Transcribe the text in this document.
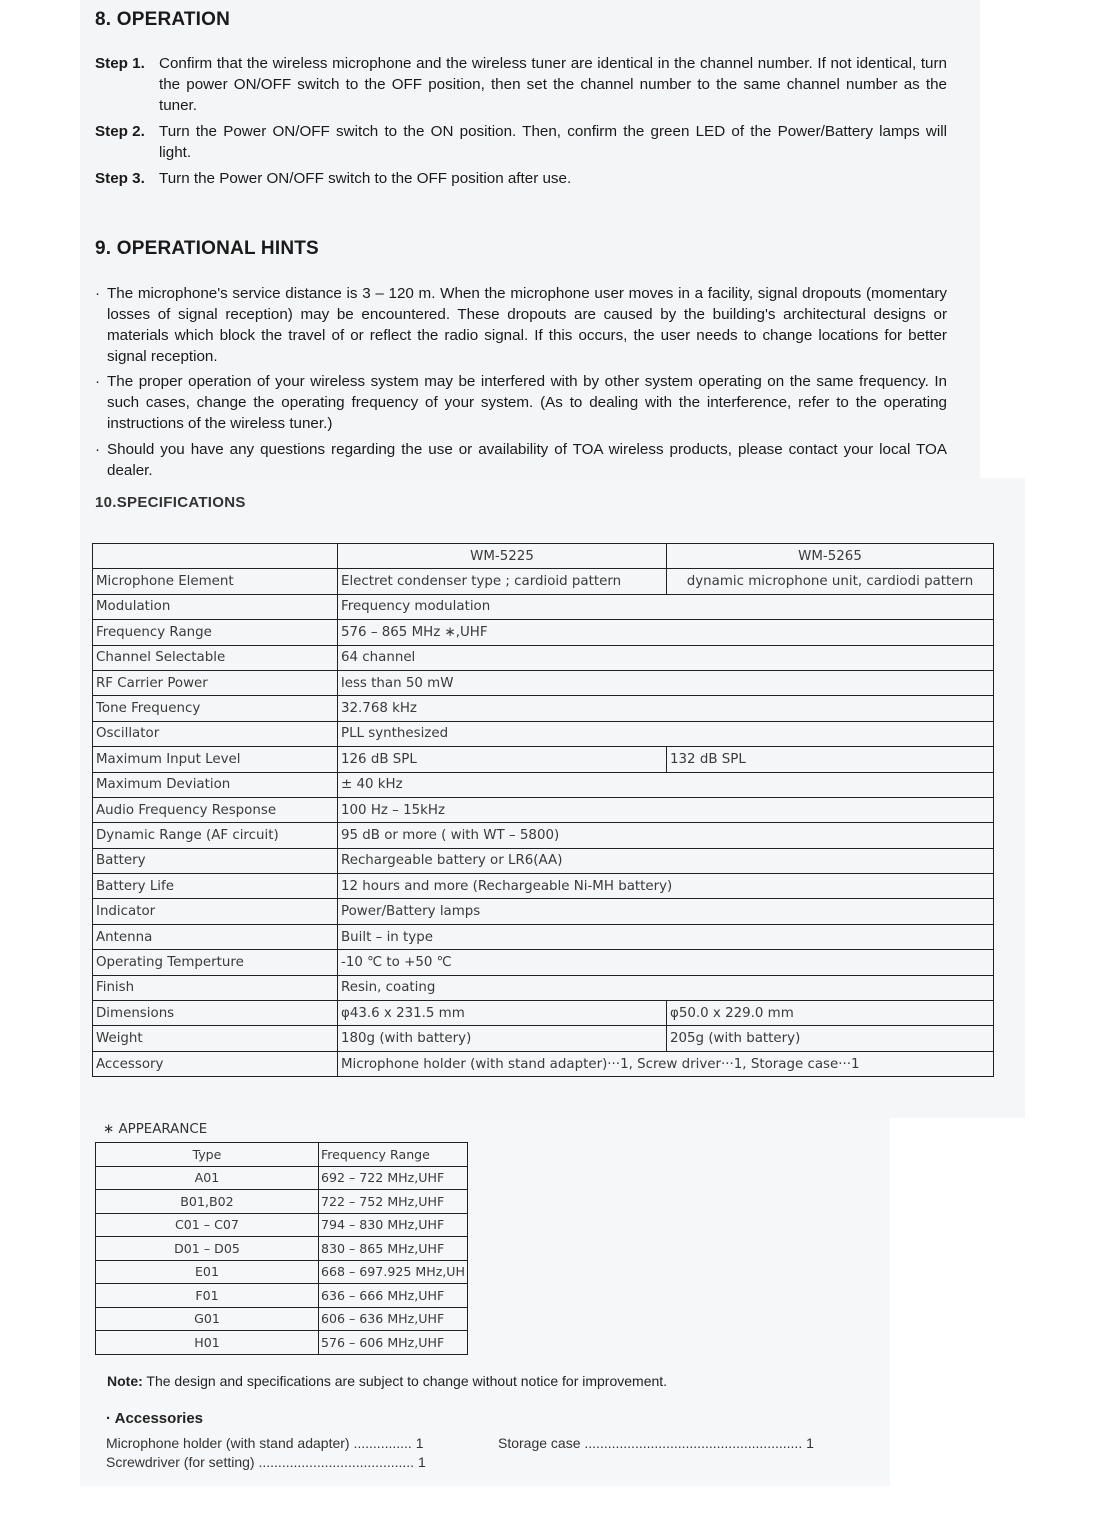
8. OPERATION
Step 1. Confirm that the wireless microphone and the wireless tuner are identical in the channel number. If not identical, turn the power ON/OFF switch to the OFF position, then set the channel number to the same channel number as the tuner.
Step 2. Turn the Power ON/OFF switch to the ON position. Then, confirm the green LED of the Power/Battery lamps will light.
Step 3. Turn the Power ON/OFF switch to the OFF position after use.
9. OPERATIONAL HINTS
· The microphone's service distance is 3 – 120 m. When the microphone user moves in a facility, signal dropouts (momentary losses of signal reception) may be encountered. These dropouts are caused by the building's architectural designs or materials which block the travel of or reflect the radio signal. If this occurs, the user needs to change locations for better signal reception.
· The proper operation of your wireless system may be interfered with by other system operating on the same frequency. In such cases, change the operating frequency of your system. (As to dealing with the interference, refer to the operating instructions of the wireless tuner.)
· Should you have any questions regarding the use or availability of TOA wireless products, please contact your local TOA dealer.
10.SPECIFICATIONS
	WM-5225	WM-5265
Microphone Element	Electret condenser type ; cardioid pattern	dynamic microphone unit, cardiodi pattern
Modulation	Frequency modulation	
Frequency Range	576 – 865 MHz ∗,UHF	
Channel Selectable	64 channel	
RF Carrier Power	less than 50 mW	
Tone Frequency	32.768 kHz	
Oscillator	PLL synthesized	
Maximum Input Level	126 dB SPL	132 dB SPL
Maximum Deviation	± 40 kHz	
Audio Frequency Response	100 Hz – 15kHz	
Dynamic Range (AF circuit)	95 dB or more ( with WT – 5800)	
Battery	Rechargeable battery or LR6(AA)	
Battery Life	12 hours and more (Rechargeable Ni-MH battery)	
Indicator	Power/Battery lamps	
Antenna	Built – in type	
Operating Temperture	-10 ℃ to +50 ℃	
Finish	Resin, coating	
Dimensions	φ43.6 x 231.5 mm	φ50.0 x 229.0 mm
Weight	180g (with battery)	205g (with battery)
Accessory	Microphone holder (with stand adapter)···1, Screw driver···1, Storage case···1	
∗ APPEARANCE
Type	Frequency Range
A01	692 – 722 MHz,UHF
B01,B02	722 – 752 MHz,UHF
C01 – C07	794 – 830 MHz,UHF
D01 – D05	830 – 865 MHz,UHF
E01	668 – 697.925 MHz,UH
F01	636 – 666 MHz,UHF
G01	606 – 636 MHz,UHF
H01	576 – 606 MHz,UHF
Note: The design and specifications are subject to change without notice for improvement.
· Accessories
Microphone holder (with stand adapter) ............... 1
Screwdriver (for setting) ........................................ 1
Storage case ........................................................ 1
